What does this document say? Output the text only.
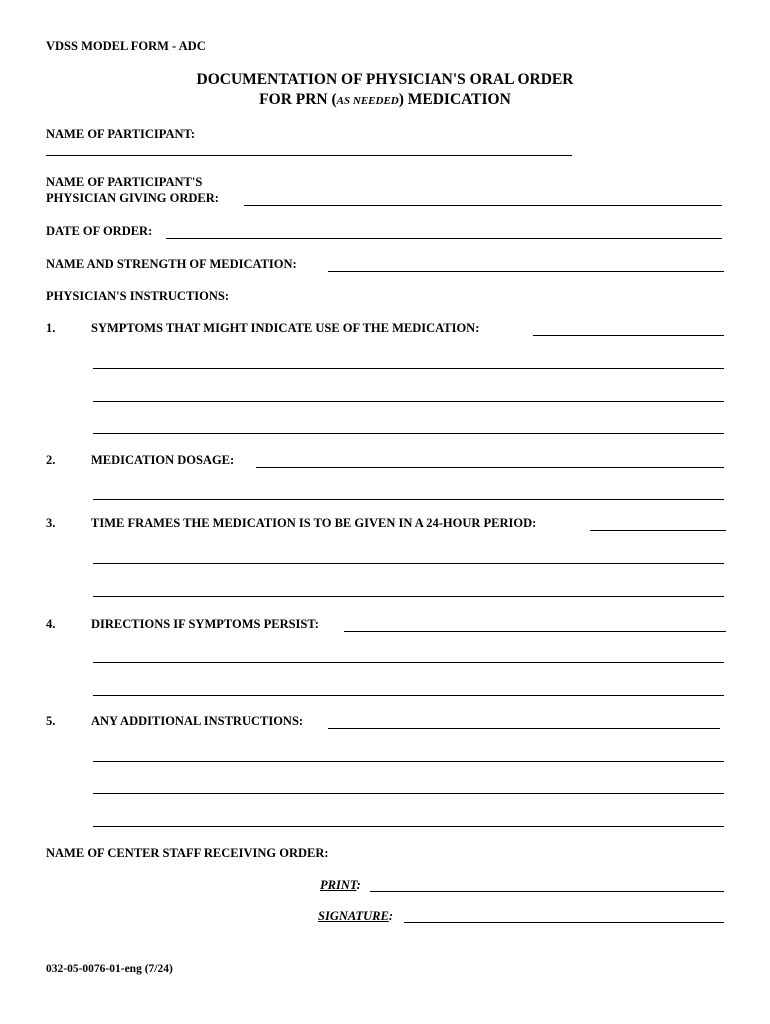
VDSS MODEL FORM - ADC
DOCUMENTATION OF PHYSICIAN'S ORAL ORDER
FOR PRN (AS NEEDED) MEDICATION
NAME OF PARTICIPANT:
NAME OF PARTICIPANT'S
PHYSICIAN GIVING ORDER:
DATE OF ORDER:
NAME AND STRENGTH OF MEDICATION:
PHYSICIAN'S INSTRUCTIONS:
1.	SYMPTOMS THAT MIGHT INDICATE USE OF THE MEDICATION:
2.	MEDICATION DOSAGE:
3.	TIME FRAMES THE MEDICATION IS TO BE GIVEN IN A 24-HOUR PERIOD:
4.	DIRECTIONS IF SYMPTOMS PERSIST:
5.	ANY ADDITIONAL INSTRUCTIONS:
NAME OF CENTER STAFF RECEIVING ORDER:
PRINT:
SIGNATURE:
032-05-0076-01-eng (7/24)
